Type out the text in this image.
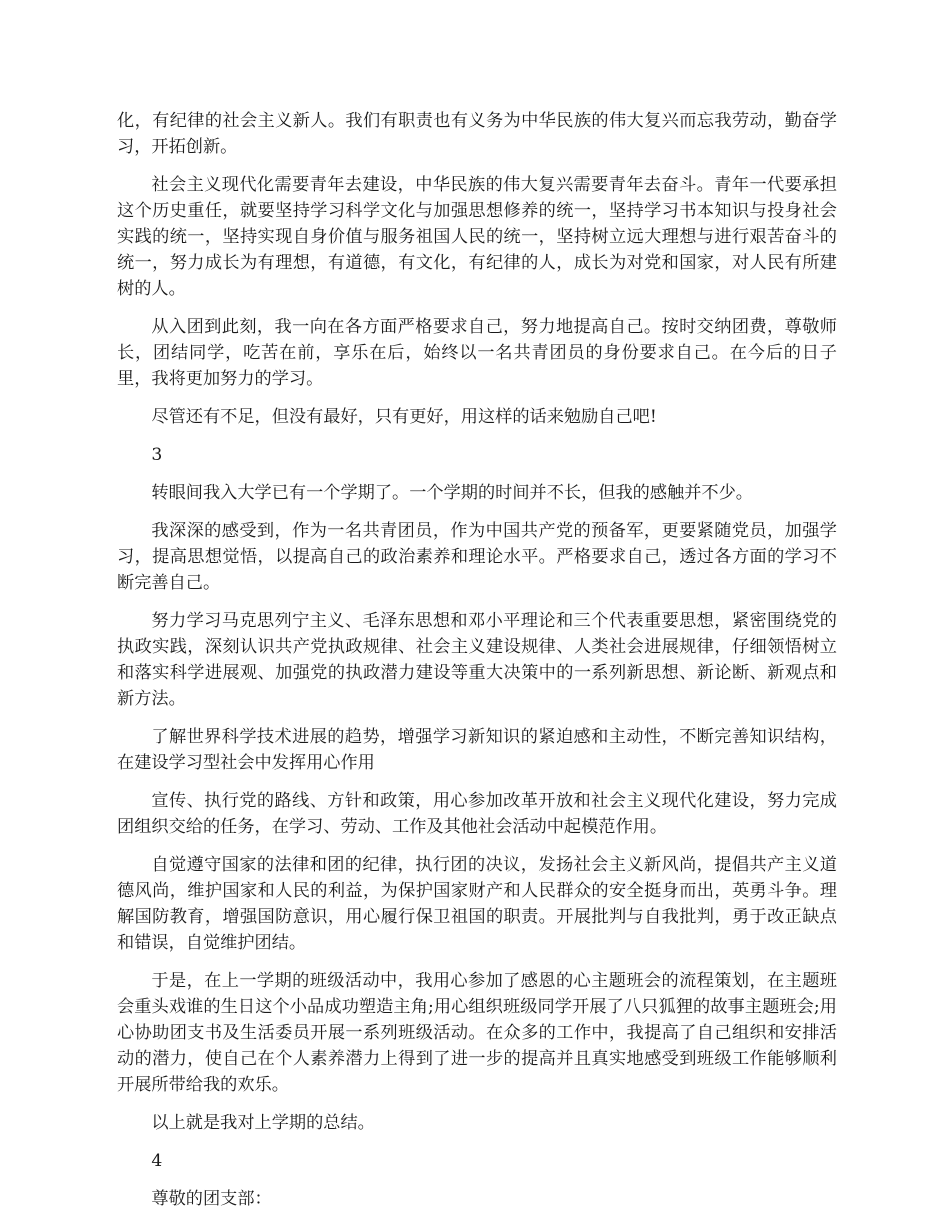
化，有纪律的社会主义新人。我们有职责也有义务为中华民族的伟大复兴而忘我劳动，勤奋学习，开拓创新。

社会主义现代化需要青年去建设，中华民族的伟大复兴需要青年去奋斗。青年一代要承担这个历史重任，就要坚持学习科学文化与加强思想修养的统一，坚持学习书本知识与投身社会实践的统一，坚持实现自身价值与服务祖国人民的统一，坚持树立远大理想与进行艰苦奋斗的统一，努力成长为有理想，有道德，有文化，有纪律的人，成长为对党和国家，对人民有所建树的人。

从入团到此刻，我一向在各方面严格要求自己，努力地提高自己。按时交纳团费，尊敬师长，团结同学，吃苦在前，享乐在后，始终以一名共青团员的身份要求自己。在今后的日子里，我将更加努力的学习。

尽管还有不足，但没有最好，只有更好，用这样的话来勉励自己吧!

3

转眼间我入大学已有一个学期了。一个学期的时间并不长，但我的感触并不少。

我深深的感受到，作为一名共青团员，作为中国共产党的预备军，更要紧随党员，加强学习，提高思想觉悟，以提高自己的政治素养和理论水平。严格要求自己，透过各方面的学习不断完善自己。

努力学习马克思列宁主义、毛泽东思想和邓小平理论和三个代表重要思想，紧密围绕党的执政实践，深刻认识共产党执政规律、社会主义建设规律、人类社会进展规律，仔细领悟树立和落实科学进展观、加强党的执政潜力建设等重大决策中的一系列新思想、新论断、新观点和新方法。

了解世界科学技术进展的趋势，增强学习新知识的紧迫感和主动性，不断完善知识结构，在建设学习型社会中发挥用心作用

宣传、执行党的路线、方针和政策，用心参加改革开放和社会主义现代化建设，努力完成团组织交给的任务，在学习、劳动、工作及其他社会活动中起模范作用。

自觉遵守国家的法律和团的纪律，执行团的决议，发扬社会主义新风尚，提倡共产主义道德风尚，维护国家和人民的利益，为保护国家财产和人民群众的安全挺身而出，英勇斗争。理解国防教育，增强国防意识，用心履行保卫祖国的职责。开展批判与自我批判，勇于改正缺点和错误，自觉维护团结。

于是，在上一学期的班级活动中，我用心参加了感恩的心主题班会的流程策划，在主题班会重头戏谁的生日这个小品成功塑造主角;用心组织班级同学开展了八只狐狸的故事主题班会;用心协助团支书及生活委员开展一系列班级活动。在众多的工作中，我提高了自己组织和安排活动的潜力，使自己在个人素养潜力上得到了进一步的提高并且真实地感受到班级工作能够顺利开展所带给我的欢乐。

以上就是我对上学期的总结。

4

尊敬的团支部：
